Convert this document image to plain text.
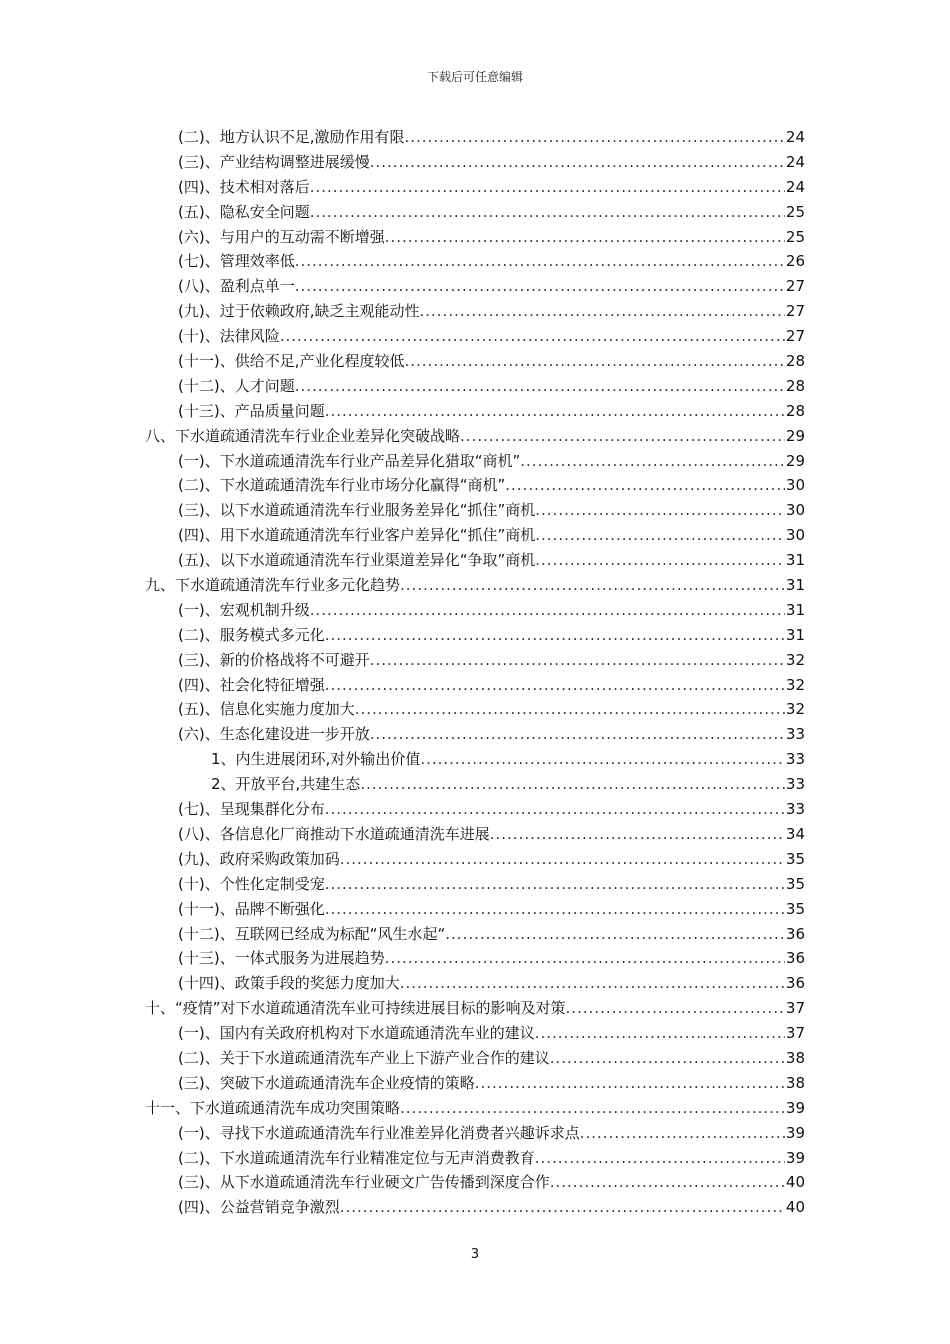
下载后可任意编辑
(二)、地方认识不足,激励作用有限 .....	24
(三)、产业结构调整进展缓慢 .....	24
(四)、技术相对落后 .....	24
(五)、隐私安全问题 .....	25
(六)、与用户的互动需不断增强 .....	25
(七)、管理效率低 .....	26
(八)、盈利点单一 .....	27
(九)、过于依赖政府,缺乏主观能动性 .....	27
(十)、法律风险 .....	27
(十一)、供给不足,产业化程度较低 .....	28
(十二)、人才问题 .....	28
(十三)、产品质量问题 .....	28
八、下水道疏通清洗车行业企业差异化突破战略 .....	29
(一)、下水道疏通清洗车行业产品差异化猎取“商机” .....	29
(二)、下水道疏通清洗车行业市场分化赢得“商机” .....	30
(三)、以下水道疏通清洗车行业服务差异化“抓住”商机 .....	30
(四)、用下水道疏通清洗车行业客户差异化“抓住”商机 .....	30
(五)、以下水道疏通清洗车行业渠道差异化“争取”商机 .....	31
九、下水道疏通清洗车行业多元化趋势 .....	31
(一)、宏观机制升级 .....	31
(二)、服务模式多元化 .....	31
(三)、新的价格战将不可避开 .....	32
(四)、社会化特征增强 .....	32
(五)、信息化实施力度加大 .....	32
(六)、生态化建设进一步开放 .....	33
1、内生进展闭环,对外输出价值 .....	33
2、开放平台,共建生态 .....	33
(七)、呈现集群化分布 .....	33
(八)、各信息化厂商推动下水道疏通清洗车进展 .....	34
(九)、政府采购政策加码 .....	35
(十)、个性化定制受宠 .....	35
(十一)、品牌不断强化 .....	35
(十二)、互联网已经成为标配“风生水起“ .....	36
(十三)、一体式服务为进展趋势 .....	36
(十四)、政策手段的奖惩力度加大 .....	36
十、“疫情”对下水道疏通清洗车业可持续进展目标的影响及对策 .....	37
(一)、国内有关政府机构对下水道疏通清洗车业的建议 .....	37
(二)、关于下水道疏通清洗车产业上下游产业合作的建议 .....	38
(三)、突破下水道疏通清洗车企业疫情的策略 .....	38
十一、下水道疏通清洗车成功突围策略 .....	39
(一)、寻找下水道疏通清洗车行业准差异化消费者兴趣诉求点 .....	39
(二)、下水道疏通清洗车行业精准定位与无声消费教育 .....	39
(三)、从下水道疏通清洗车行业硬文广告传播到深度合作 .....	40
(四)、公益营销竞争激烈 .....	40
3
